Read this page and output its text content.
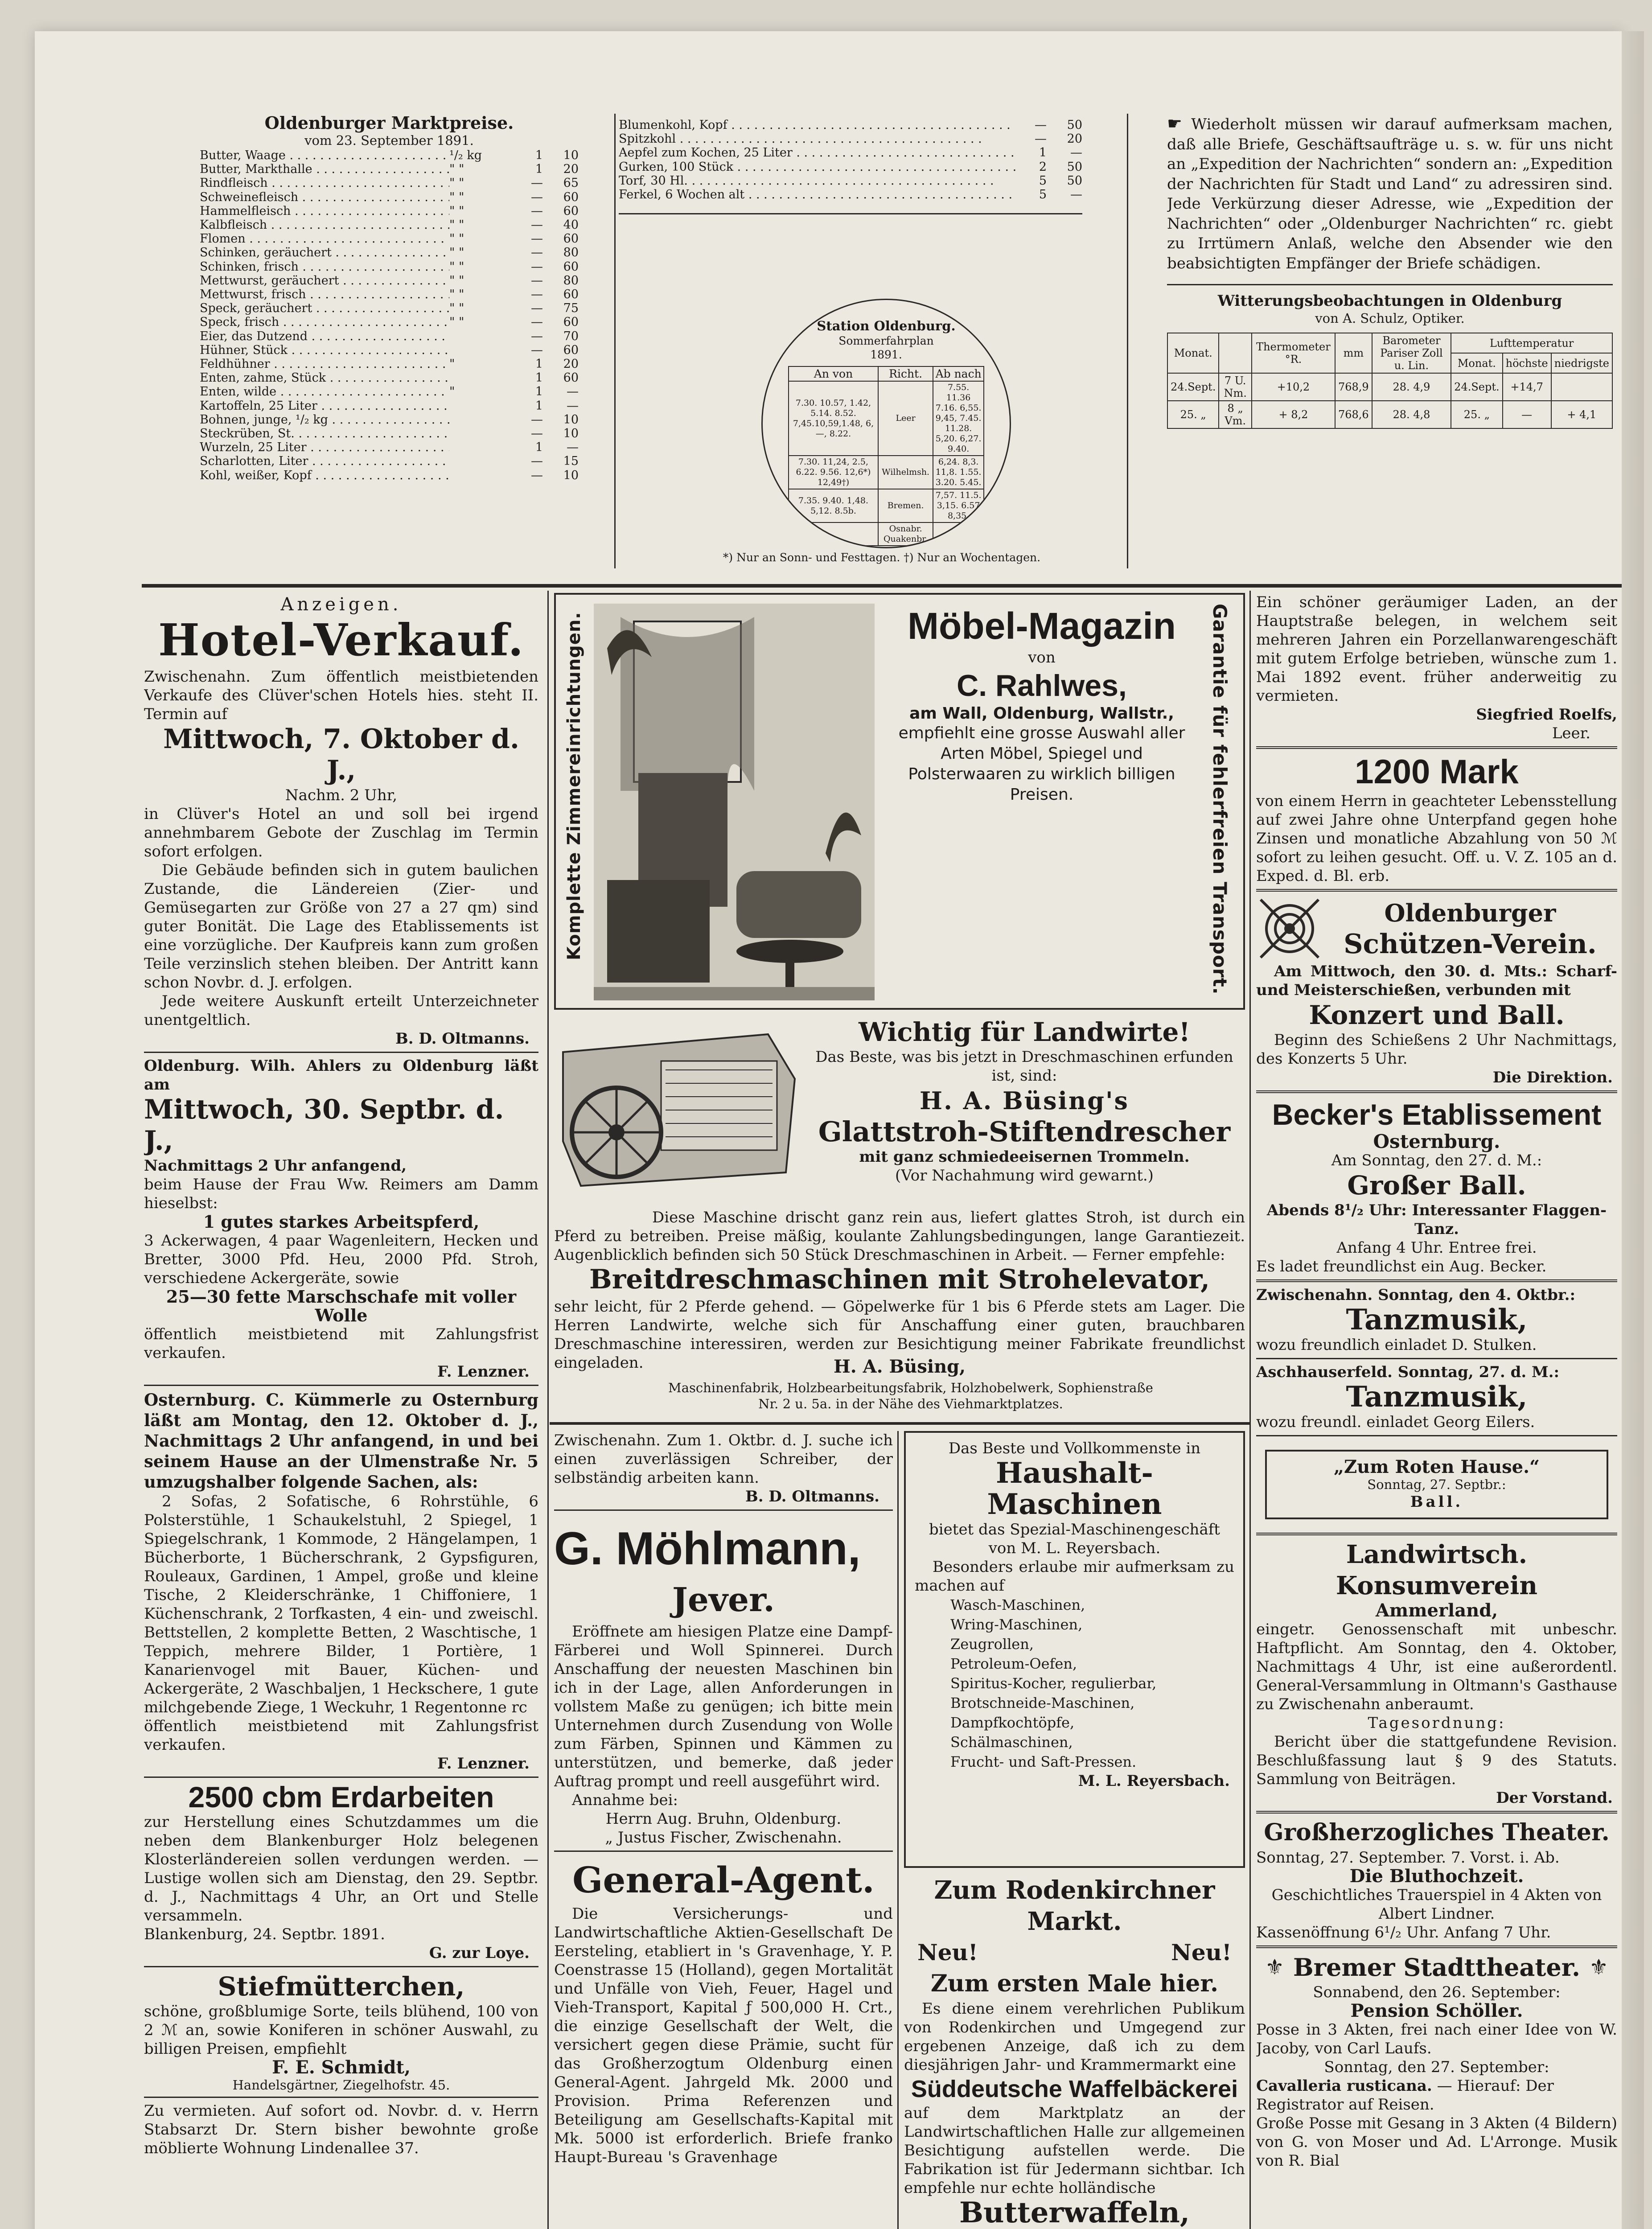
Oldenburger Marktpreise.
vom 23. September 1891.
Butter, Waage . . .	¹/₂ kg	1	10
Butter, Markthalle . . .	" "	1	20
Rindfleisch . . .	" "	—	65
Schweinefleisch . . .	" "	—	60
Hammelfleisch . . .	" "	—	60
Kalbfleisch . . .	" "	—	40
Flomen . . .	" "	—	60
Schinken, geräuchert . . .	" "	—	80
Schinken, frisch . . .	" "	—	60
Mettwurst, geräuchert . . .	" "	—	80
Mettwurst, frisch . . .	" "	—	60
Speck, geräuchert . . .	" "	—	75
Speck, frisch . . .	" "	—	60
Eier, das Dutzend . . .	—	70
Hühner, Stück . . .	—	60
Feldhühner . . .	"	1	20
Enten, zahme, Stück . . .	1	60
Enten, wilde . . .	"	1	—
Kartoffeln, 25 Liter . . .	1	—
Bohnen, junge, ¹/₂ kg . . .	—	10
Steckrüben, St. . . .	—	10
Wurzeln, 25 Liter . . .	1	—
Scharlotten, Liter . . .	—	15
Kohl, weißer, Kopf . . .	—	10
Blumenkohl, Kopf . . .	—	50
Spitzkohl . . .	—	20
Aepfel zum Kochen, 25 Liter . . .	1	—
Gurken, 100 Stück . . .	2	50
Torf, 30 Hl. . . .	5	50
Ferkel, 6 Wochen alt . . .	5	—
Station Oldenburg.
Sommerfahrplan
1891.
An von	Richt.	Ab nach
7.30. 10.57, 1.42, 5.14. 8.52. 7,45.10,59,1.48, 6,—, 8.22.	Leer	7.55. 11.36 7.16. 6,55. 9,45, 7.45. 11.28. 5,20. 6,27. 9.40.
7.30. 11,24, 2.5, 6.22. 9.56. 12,6*) 12,49†)	Wilhelmsh.	6,24. 8,3. 11,8. 1.55. 3.20. 5.45.
7.35. 9.40. 1,48. 5,12. 8.5b.	Bremen.	7,57. 11.5. 3,15. 6.57 8,35.
	Osnabr. Quakenbr.	
*) Nur an Sonn- und Festtagen. †) Nur an Wochentagen.
☛ Wiederholt müssen wir darauf aufmerksam machen, daß alle Briefe, Geschäftsaufträge u. s. w. für uns nicht an „Expedition der Nachrichten“ sondern an: „Expedition der Nachrichten für Stadt und Land“ zu adressiren sind. Jede Verkürzung dieser Adresse, wie „Expedition der Nachrichten“ oder „Oldenburger Nachrichten“ rc. giebt zu Irrtümern Anlaß, welche den Absender wie den beabsichtigten Empfänger der Briefe schädigen.
Witterungsbeobachtungen in Oldenburg
von A. Schulz, Optiker.
Monat.		Thermometer °R.	mm	Barometer Pariser Zoll u. Lin.	Lufttemperatur		
					Monat.	höchste	niedrigste
24.Sept.	7 U. Nm.	+10,2	768,9	28. 4,9	24.Sept.	+14,7	
25. „	8 „ Vm.	+ 8,2	768,6	28. 4,8	25. „	—	+ 4,1
Anzeigen.
Hotel-Verkauf.
Zwischenahn. Zum öffentlich meistbietenden Verkaufe des Clüver'schen Hotels hies. steht II. Termin auf
Mittwoch, 7. Oktober d. J.,
Nachm. 2 Uhr,
in Clüver's Hotel an und soll bei irgend annehmbarem Gebote der Zuschlag im Termin sofort erfolgen.
Die Gebäude befinden sich in gutem baulichen Zustande, die Ländereien (Zier- und Gemüsegarten zur Größe von 27 a 27 qm) sind guter Bonität. Die Lage des Etablissements ist eine vorzügliche. Der Kaufpreis kann zum großen Teile verzinslich stehen bleiben. Der Antritt kann schon Novbr. d. J. erfolgen.
Jede weitere Auskunft erteilt Unterzeichneter unentgeltlich.
B. D. Oltmanns.
Oldenburg. Wilh. Ahlers zu Oldenburg läßt am
Mittwoch, 30. Septbr. d. J.,
Nachmittags 2 Uhr anfangend,
beim Hause der Frau Ww. Reimers am Damm hieselbst:
1 gutes starkes Arbeitspferd,
3 Ackerwagen, 4 paar Wagenleitern, Hecken und Bretter, 3000 Pfd. Heu, 2000 Pfd. Stroh, verschiedene Ackergeräte, sowie
25—30 fette Marschschafe mit voller Wolle
öffentlich meistbietend mit Zahlungsfrist verkaufen.
F. Lenzner.
Osternburg. C. Kümmerle zu Osternburg läßt am Montag, den 12. Oktober d. J., Nachmittags 2 Uhr anfangend, in und bei seinem Hause an der Ulmenstraße Nr. 5 umzugshalber folgende Sachen, als:
2 Sofas, 2 Sofatische, 6 Rohrstühle, 6 Polsterstühle, 1 Schaukelstuhl, 2 Spiegel, 1 Spiegelschrank, 1 Kommode, 2 Hängelampen, 1 Bücherborte, 1 Bücherschrank, 2 Gypsfiguren, Rouleaux, Gardinen, 1 Ampel, große und kleine Tische, 2 Kleiderschränke, 1 Chiffoniere, 1 Küchenschrank, 2 Torfkasten, 4 ein- und zweischl. Bettstellen, 2 komplette Betten, 2 Waschtische, 1 Teppich, mehrere Bilder, 1 Portière, 1 Kanarienvogel mit Bauer, Küchen- und Ackergeräte, 2 Waschbaljen, 1 Heckschere, 1 gute milchgebende Ziege, 1 Weckuhr, 1 Regentonne rc
öffentlich meistbietend mit Zahlungsfrist verkaufen.
F. Lenzner.
2500 cbm Erdarbeiten
zur Herstellung eines Schutzdammes um die neben dem Blankenburger Holz belegenen Klosterländereien sollen verdungen werden. — Lustige wollen sich am Dienstag, den 29. Septbr. d. J., Nachmittags 4 Uhr, an Ort und Stelle versammeln.
Blankenburg, 24. Septbr. 1891.
G. zur Loye.
Stiefmütterchen,
schöne, großblumige Sorte, teils blühend, 100 von 2 ℳ an, sowie Koniferen in schöner Auswahl, zu billigen Preisen, empfiehlt
F. E. Schmidt,
Handelsgärtner, Ziegelhofstr. 45.
Zu vermieten. Auf sofort od. Novbr. d. v. Herrn Stabsarzt Dr. Stern bisher bewohnte große möblierte Wohnung Lindenallee 37.
Komplette Zimmereinrichtungen.	Möbel-Magazin
von
C. Rahlwes,
am Wall, Oldenburg, Wallstr.,
empfiehlt eine grosse Auswahl aller Arten Möbel, Spiegel und Polsterwaaren zu wirklich billigen Preisen.	Garantie für fehlerfreien Transport.
Wichtig für Landwirte!
Das Beste, was bis jetzt in Dreschmaschinen erfunden ist, sind:
H. A. Büsing's
Glattstroh-Stiftendrescher
mit ganz schmiedeeisernen Trommeln.
(Vor Nachahmung wird gewarnt.)
Diese Maschine drischt ganz rein aus, liefert glattes Stroh, ist durch ein Pferd zu betreiben. Preise mäßig, koulante Zahlungsbedingungen, lange Garantiezeit. Augenblicklich befinden sich 50 Stück Dreschmaschinen in Arbeit. — Ferner empfehle:
Breitdreschmaschinen mit Strohelevator,
sehr leicht, für 2 Pferde gehend. — Göpelwerke für 1 bis 6 Pferde stets am Lager. Die Herren Landwirte, welche sich für Anschaffung einer guten, brauchbaren Dreschmaschine interessiren, werden zur Besichtigung meiner Fabrikate freundlichst eingeladen.	H. A. Büsing,
Maschinenfabrik, Holzbearbeitungsfabrik, Holzhobelwerk, Sophienstraße Nr. 2 u. 5a. in der Nähe des Viehmarktplatzes.
Zwischenahn. Zum 1. Oktbr. d. J. suche ich einen zuverlässigen Schreiber, der selbständig arbeiten kann.
B. D. Oltmanns.
G. Möhlmann,
Jever.
Eröffnete am hiesigen Platze eine Dampf-Färberei und Woll Spinnerei. Durch Anschaffung der neuesten Maschinen bin ich in der Lage, allen Anforderungen in vollstem Maße zu genügen; ich bitte mein Unternehmen durch Zusendung von Wolle zum Färben, Spinnen und Kämmen zu unterstützen, und bemerke, daß jeder Auftrag prompt und reell ausgeführt wird.
Annahme bei:
Herrn Aug. Bruhn, Oldenburg.
„ Justus Fischer, Zwischenahn.
General-Agent.
Die Versicherungs- und Landwirtschaftliche Aktien-Gesellschaft De Eersteling, etabliert in 's Gravenhage, Y. P. Coenstrasse 15 (Holland), gegen Mortalität und Unfälle von Vieh, Feuer, Hagel und Vieh-Transport, Kapital ƒ 500,000 H. Crt., die einzige Gesellschaft der Welt, die versichert gegen diese Prämie, sucht für das Großherzogtum Oldenburg einen General-Agent. Jahrgeld Mk. 2000 und Provision. Prima Referenzen und Beteiligung am Gesellschafts-Kapital mit Mk. 5000 ist erforderlich. Briefe franko Haupt-Bureau 's Gravenhage
Das Beste und Vollkommenste in
Haushalt-Maschinen
bietet das Spezial-Maschinengeschäft von M. L. Reyersbach.
Besonders erlaube mir aufmerksam zu machen auf
Wasch-Maschinen,
Wring-Maschinen,
Zeugrollen,
Petroleum-Oefen,
Spiritus-Kocher, regulierbar,
Brotschneide-Maschinen,
Dampfkochtöpfe,
Schälmaschinen,
Frucht- und Saft-Pressen.
M. L. Reyersbach.
Zum Rodenkirchner Markt.
Neu!	Neu!
Zum ersten Male hier.
Es diene einem verehrlichen Publikum von Rodenkirchen und Umgegend zur ergebenen Anzeige, daß ich zu dem diesjährigen Jahr- und Krammermarkt eine
Süddeutsche Waffelbäckerei
auf dem Marktplatz an der Landwirtschaftlichen Halle zur allgemeinen Besichtigung aufstellen werde. Die Fabrikation ist für Jedermann sichtbar. Ich empfehle nur echte holländische
Butterwaffeln,
Ein schöner geräumiger Laden, an der Hauptstraße belegen, in welchem seit mehreren Jahren ein Porzellanwarengeschäft mit gutem Erfolge betrieben, wünsche zum 1. Mai 1892 event. früher anderweitig zu vermieten.
Siegfried Roelfs,
Leer.
1200 Mark
von einem Herrn in geachteter Lebensstellung auf zwei Jahre ohne Unterpfand gegen hohe Zinsen und monatliche Abzahlung von 50 ℳ sofort zu leihen gesucht. Off. u. V. Z. 105 an d. Exped. d. Bl. erb.
Oldenburger
Schützen-Verein.
Am Mittwoch, den 30. d. Mts.: Scharf- und Meisterschießen, verbunden mit
Konzert und Ball.
Beginn des Schießens 2 Uhr Nachmittags, des Konzerts 5 Uhr.
Die Direktion.
Becker's Etablissement
Osternburg.
Am Sonntag, den 27. d. M.:
Großer Ball.
Abends 8¹/₂ Uhr: Interessanter Flaggen-Tanz.
Anfang 4 Uhr. Entree frei.
Es ladet freundlichst ein Aug. Becker.
Zwischenahn. Sonntag, den 4. Oktbr.:
Tanzmusik,
wozu freundlich einladet D. Stulken.
Aschhauserfeld. Sonntag, 27. d. M.:
Tanzmusik,
wozu freundl. einladet Georg Eilers.
„Zum Roten Hause.“
Sonntag, 27. Septbr.:
Ball.
Landwirtsch. Konsumverein
Ammerland,
eingetr. Genossenschaft mit unbeschr. Haftpflicht. Am Sonntag, den 4. Oktober, Nachmittags 4 Uhr, ist eine außerordentl. General-Versammlung in Oltmann's Gasthause zu Zwischenahn anberaumt.
Tagesordnung:
Bericht über die stattgefundene Revision. Beschlußfassung laut § 9 des Statuts. Sammlung von Beiträgen.
Der Vorstand.
Großherzogliches Theater.
Sonntag, 27. September. 7. Vorst. i. Ab.
Die Bluthochzeit.
Geschichtliches Trauerspiel in 4 Akten von Albert Lindner.
Kassenöffnung 6¹/₂ Uhr. Anfang 7 Uhr.
⚜ Bremer Stadttheater. ⚜
Sonnabend, den 26. September:
Pension Schöller.
Posse in 3 Akten, frei nach einer Idee von W. Jacoby, von Carl Laufs.
Sonntag, den 27. September:
Cavalleria rusticana. — Hierauf: Der Registrator auf Reisen.
Große Posse mit Gesang in 3 Akten (4 Bildern) von G. von Moser und Ad. L'Arronge. Musik von R. Bial
